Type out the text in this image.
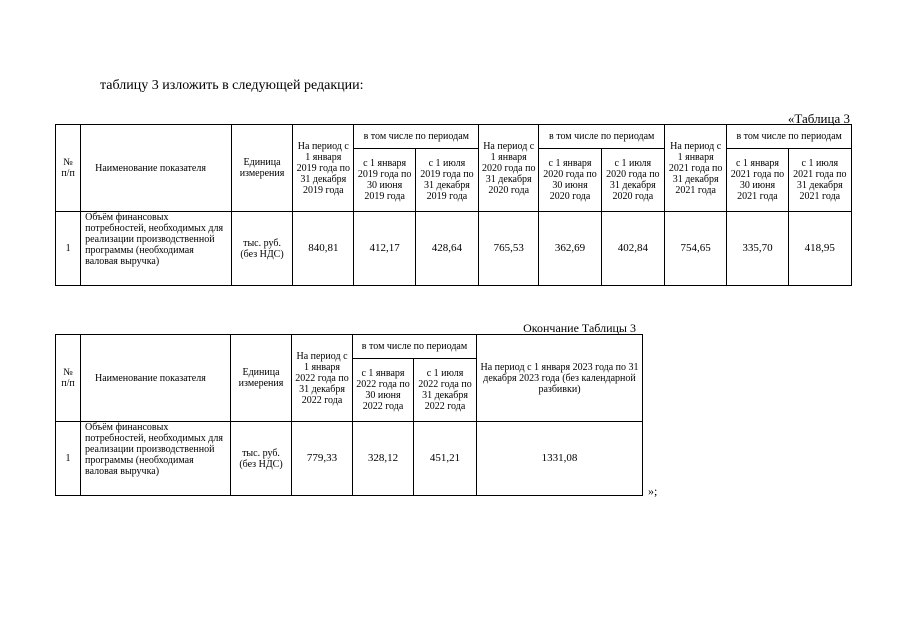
таблицу 3 изложить в следующей редакции:
«Таблица 3
№ п/п	Наименование показателя	Единица измерения	На период с 1 января 2019 года по 31 декабря 2019 года	в том числе по периодам		На период с 1 января 2020 года по 31 декабря 2020 года	в том числе по периодам		На период с 1 января 2021 года по 31 декабря 2021 года	в том числе по периодам	
				с 1 января 2019 года по 30 июня 2019 года	с 1 июля 2019 года по 31 декабря 2019 года		с 1 января 2020 года по 30 июня 2020 года	с 1 июля 2020 года по 31 декабря 2020 года		с 1 января 2021 года по 30 июня 2021 года	с 1 июля 2021 года по 31 декабря 2021 года
1	Объём финансовых потребностей, необходимых для реализации производственной программы (необходимая валовая выручка)	тыс. руб. (без НДС)	840,81	412,17	428,64	765,53	362,69	402,84	754,65	335,70	418,95
Окончание Таблицы 3
№ п/п	Наименование показателя	Единица измерения	На период с 1 января 2022 года по 31 декабря 2022 года	в том числе по периодам		На период с 1 января 2023 года по 31 декабря 2023 года (без календарной разбивки)
				с 1 января 2022 года по 30 июня 2022 года	с 1 июля 2022 года по 31 декабря 2022 года	
1	Объём финансовых потребностей, необходимых для реализации производственной программы (необходимая валовая выручка)	тыс. руб. (без НДС)	779,33	328,12	451,21	1331,08
»;
